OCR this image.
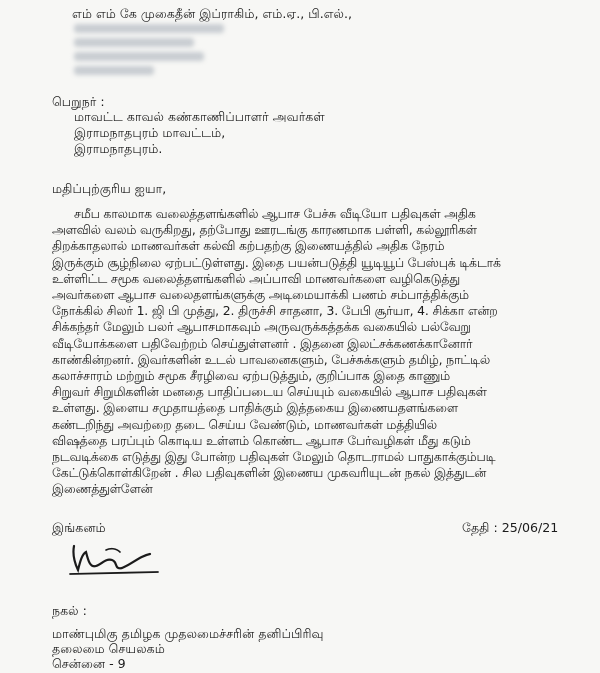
எம் எம் கே முகைதீன் இப்ராகிம், எம்.ஏ., பி.எல்.,
பெறுநர் :
மாவட்ட காவல் கண்காணிப்பாளர் அவர்கள்
இராமநாதபுரம் மாவட்டம்,
இராமநாதபுரம்.
மதிப்புற்குரிய ஐயா,
சமீப காலமாக வலைத்தளங்களில் ஆபாச பேச்சு வீடியோ பதிவுகள் அதிக
அளவில் வலம் வருகிறது, தற்போது ஊரடங்கு காரணமாக பள்ளி, கல்லூரிகள்
திறக்காதலால் மாணவர்கள் கல்வி கற்பதற்கு இணையத்தில் அதிக நேரம்
இருக்கும் சூழ்நிலை ஏற்பட்டுள்ளது. இதை பயன்படுத்தி யூடியூப் பேஸ்புக் டிக்டாக்
உள்ளிட்ட சமூக வலைத்தளங்களில் அப்பாவி மாணவர்களை வழிகெடுத்து
அவர்களை ஆபாச வலைதளங்களுக்கு அடிமையாக்கி பணம் சம்பாத்திக்கும்
நோக்கில் சிலர் 1. ஜி பி முத்து, 2. திருச்சி சாதனா, 3. பேபி சூர்யா, 4. சிக்கா என்ற
சிக்கந்தர் மேலும் பலர் ஆபாசமாகவும் அருவருக்கத்தக்க வகையில் பல்வேறு
வீடியோக்களை பதிவேற்றம் செய்துள்ளனர் . இதனை இலட்சக்கணக்கானோர்
காண்கின்றனர். இவர்களின் உடல் பாவனைகளும், பேச்சுக்களும் தமிழ், நாட்டில்
கலாச்சாரம் மற்றும் சமூக சீரழிவை ஏற்படுத்தும், குறிப்பாக இதை காணும்
சிறுவர் சிறுமிகளின் மனதை பாதிப்படைய செய்யும் வகையில் ஆபாச பதிவுகள்
உள்ளது. இளைய சமுதாயத்தை பாதிக்கும் இத்தகைய இணையதளங்களை
கண்டறிந்து அவற்றை தடை செய்ய வேண்டும், மாணவர்கள் மத்தியில்
விஷத்தை பரப்பும் கொடிய உள்ளம் கொண்ட ஆபாச பேர்வழிகள் மீது கடும்
நடவடிக்கை எடுத்து இது போன்ற பதிவுகள் மேலும் தொடராமல் பாதுகாக்கும்படி
கேட்டுக்கொள்கிறேன் . சில பதிவுகளின் இணைய முகவரியுடன் நகல் இத்துடன்
இணைத்துள்ளேன்
இங்கனம்	தேதி : 25/06/21
நகல் :
மாண்புமிகு தமிழக முதலமைச்சரின் தனிப்பிரிவு
தலைமை செயலகம்
சென்னை - 9
